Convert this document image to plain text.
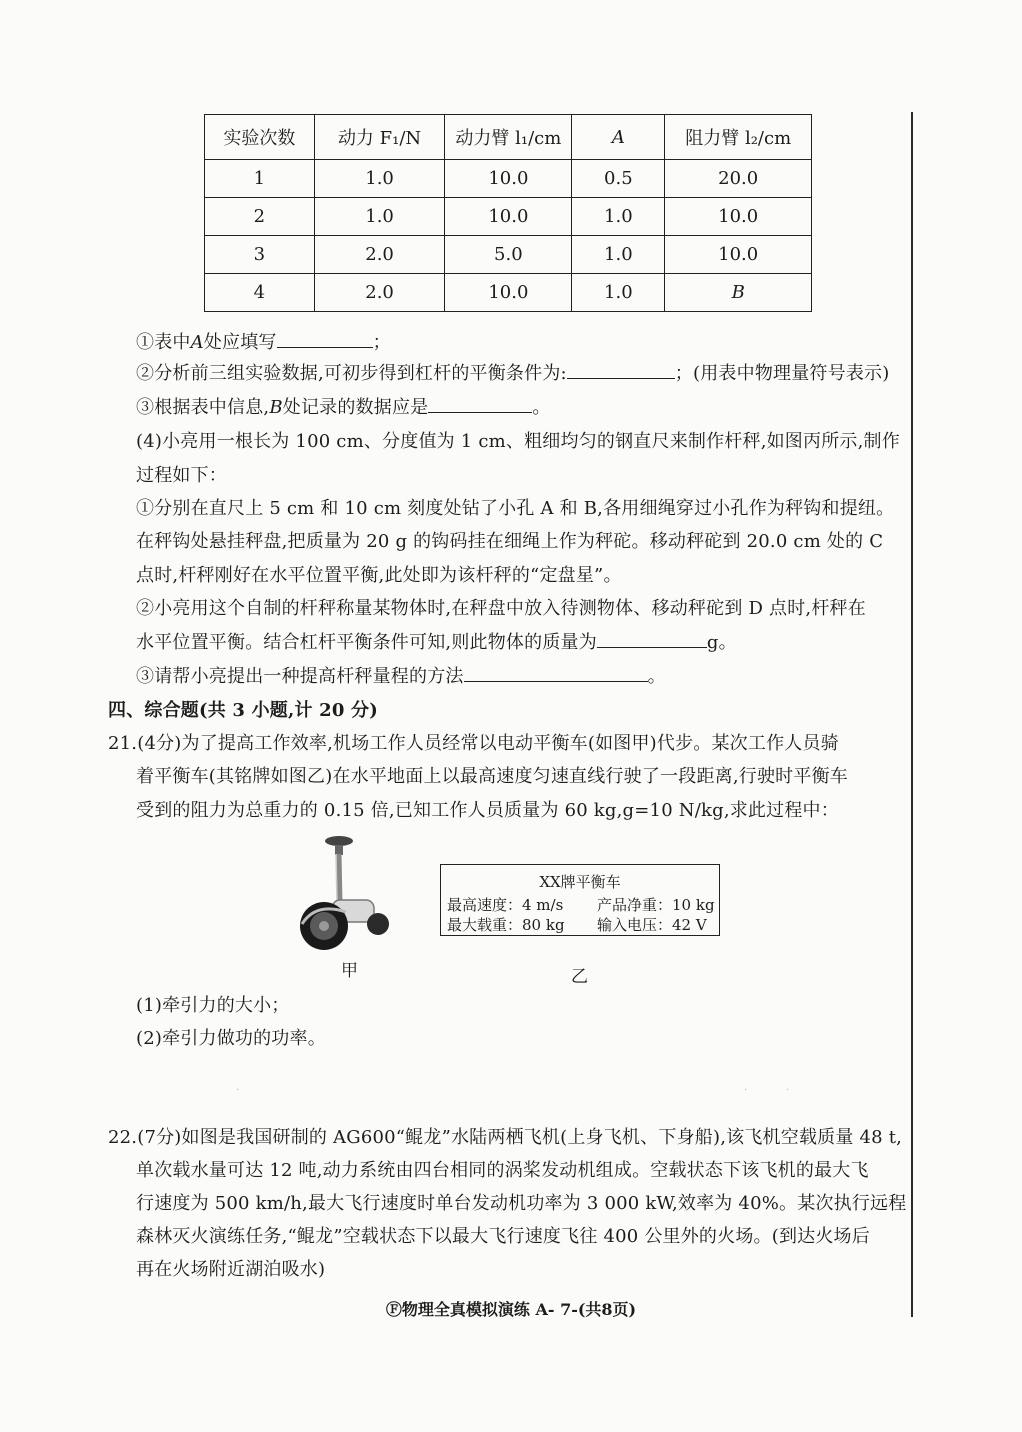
实验次数	动力 F₁/N	动力臂 l₁/cm	A	阻力臂 l₂/cm
1	1.0	10.0	0.5	20.0
2	1.0	10.0	1.0	10.0
3	2.0	5.0	1.0	10.0
4	2.0	10.0	1.0	B
①表中A处应填写	；
②分析前三组实验数据,可初步得到杠杆的平衡条件为:	；(用表中物理量符号表示)
③根据表中信息,B处记录的数据应是	。
(4)小亮用一根长为 100 cm、分度值为 1 cm、粗细均匀的钢直尺来制作杆秤,如图丙所示,制作
过程如下：
①分别在直尺上 5 cm 和 10 cm 刻度处钻了小孔 A 和 B,各用细绳穿过小孔作为秤钩和提纽。
在秤钩处悬挂秤盘,把质量为 20 g 的钩码挂在细绳上作为秤砣。移动秤砣到 20.0 cm 处的 C
点时,杆秤刚好在水平位置平衡,此处即为该杆秤的“定盘星”。
②小亮用这个自制的杆秤称量某物体时,在秤盘中放入待测物体、移动秤砣到 D 点时,杆秤在
水平位置平衡。结合杠杆平衡条件可知,则此物体的质量为	g。
③请帮小亮提出一种提高杆秤量程的方法	。
四、综合题(共 3 小题,计 20 分)
21.(4分)为了提高工作效率,机场工作人员经常以电动平衡车(如图甲)代步。某次工作人员骑
着平衡车(其铭牌如图乙)在水平地面上以最高速度匀速直线行驶了一段距离,行驶时平衡车
受到的阻力为总重力的 0.15 倍,已知工作人员质量为 60 kg,g=10 N/kg,求此过程中：
甲
XX牌平衡车
最高速度：4 m/s 产品净重：10 kg
最大载重：80 kg 输入电压：42 V
乙
(1)牵引力的大小；
(2)牵引力做功的功率。
·	·	·
22.(7分)如图是我国研制的 AG600“鲲龙”水陆两栖飞机(上身飞机、下身船),该飞机空载质量 48 t,
单次载水量可达 12 吨,动力系统由四台相同的涡桨发动机组成。空载状态下该飞机的最大飞
行速度为 500 km/h,最大飞行速度时单台发动机功率为 3 000 kW,效率为 40%。某次执行远程
森林灭火演练任务,“鲲龙”空载状态下以最大飞行速度飞往 400 公里外的火场。(到达火场后
再在火场附近湖泊吸水)
Ⓕ物理全真模拟演练 A- 7-(共8页)
